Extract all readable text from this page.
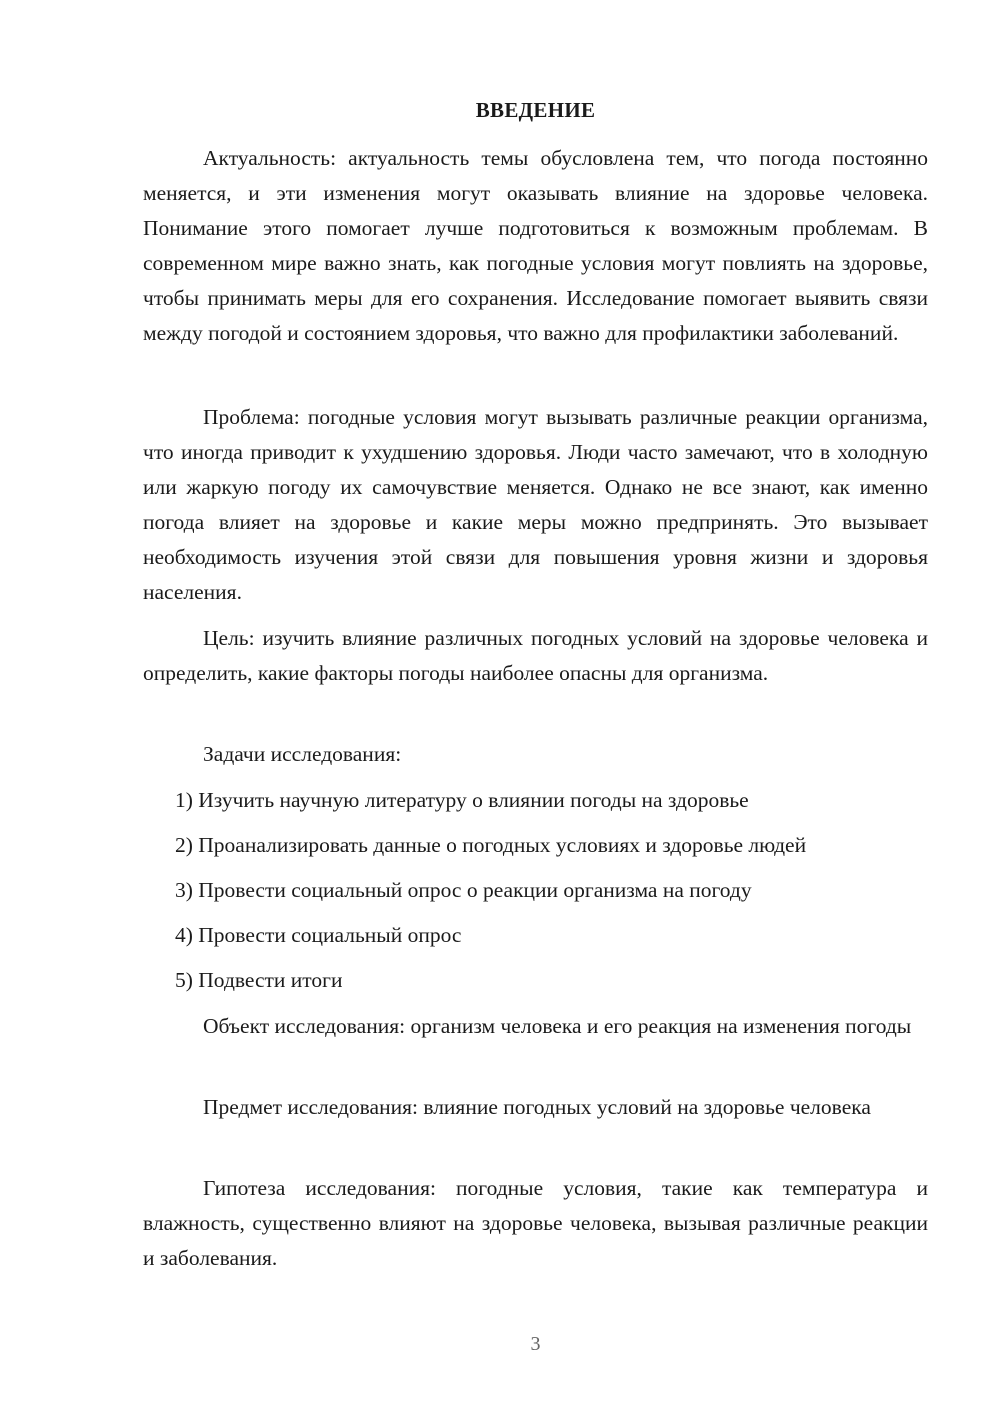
ВВЕДЕНИЕ

Актуальность: актуальность темы обусловлена тем, что погода постоянно меняется, и эти изменения могут оказывать влияние на здоровье человека. Понимание этого помогает лучше подготовиться к возможным проблемам. В современном мире важно знать, как погодные условия могут повлиять на здоровье, чтобы принимать меры для его сохранения. Исследование помогает выявить связи между погодой и состоянием здоровья, что важно для профилактики заболеваний.

Проблема: погодные условия могут вызывать различные реакции организма, что иногда приводит к ухудшению здоровья. Люди часто замечают, что в холодную или жаркую погоду их самочувствие меняется. Однако не все знают, как именно погода влияет на здоровье и какие меры можно предпринять. Это вызывает необходимость изучения этой связи для повышения уровня жизни и здоровья населения.

Цель: изучить влияние различных погодных условий на здоровье человека и определить, какие факторы погоды наиболее опасны для организма.

Задачи исследования:

1) Изучить научную литературу о влиянии погоды на здоровье

2) Проанализировать данные о погодных условиях и здоровье людей

3) Провести социальный опрос о реакции организма на погоду

4) Провести социальный опрос

5) Подвести итоги

Объект исследования: организм человека и его реакция на изменения погоды

Предмет исследования: влияние погодных условий на здоровье человека

Гипотеза исследования: погодные условия, такие как температура и влажность, существенно влияют на здоровье человека, вызывая различные реакции и заболевания.

3
